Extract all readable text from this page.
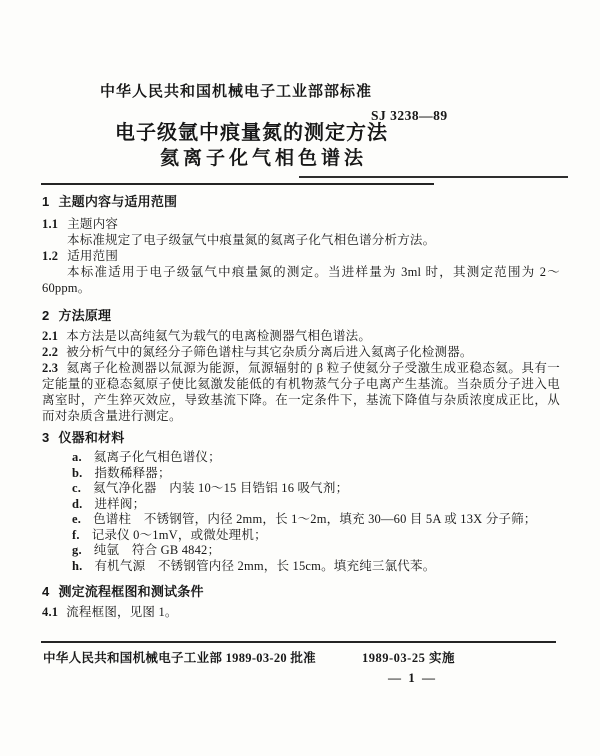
中华人民共和国机械电子工业部部标准
SJ 3238—89
电子级氩中痕量氮的测定方法
氦离子化气相色谱法

1 主题内容与适用范围

1.1 主题内容

本标准规定了电子级氩气中痕量氮的氦离子化气相色谱分析方法。

1.2 适用范围

本标准适用于电子级氩气中痕量氮的测定。当进样量为 3ml 时，其测定范围为 2～60ppm。

2 方法原理

2.1 本方法是以高纯氦气为载气的电离检测器气相色谱法。

2.2 被分析气中的氮经分子筛色谱柱与其它杂质分离后进入氦离子化检测器。

2.3 氦离子化检测器以氚源为能源，氚源辐射的 β 粒子使氦分子受激生成亚稳态氦。具有一定能量的亚稳态氦原子使比氦激发能低的有机物蒸气分子电离产生基流。当杂质分子进入电离室时，产生猝灭效应，导致基流下降。在一定条件下，基流下降值与杂质浓度成正比，从而对杂质含量进行测定。

3 仪器和材料

a. 氦离子化气相色谱仪；

b. 指数稀释器；

c. 氦气净化器　内装 10～15 目锆铝 16 吸气剂；

d. 进样阀；

e. 色谱柱　不锈钢管，内径 2mm，长 1～2m，填充 30—60 目 5A 或 13X 分子筛；

f. 记录仪 0～1mV，或微处理机；

g. 纯氩　符合 GB 4842；

h. 有机气源　不锈钢管内径 2mm，长 15cm。填充纯三氯代苯。

4 测定流程框图和测试条件

4.1 流程框图，见图 1。

中华人民共和国机械电子工业部 1989-03-20 批准	1989-03-25 实施
— 1 —
